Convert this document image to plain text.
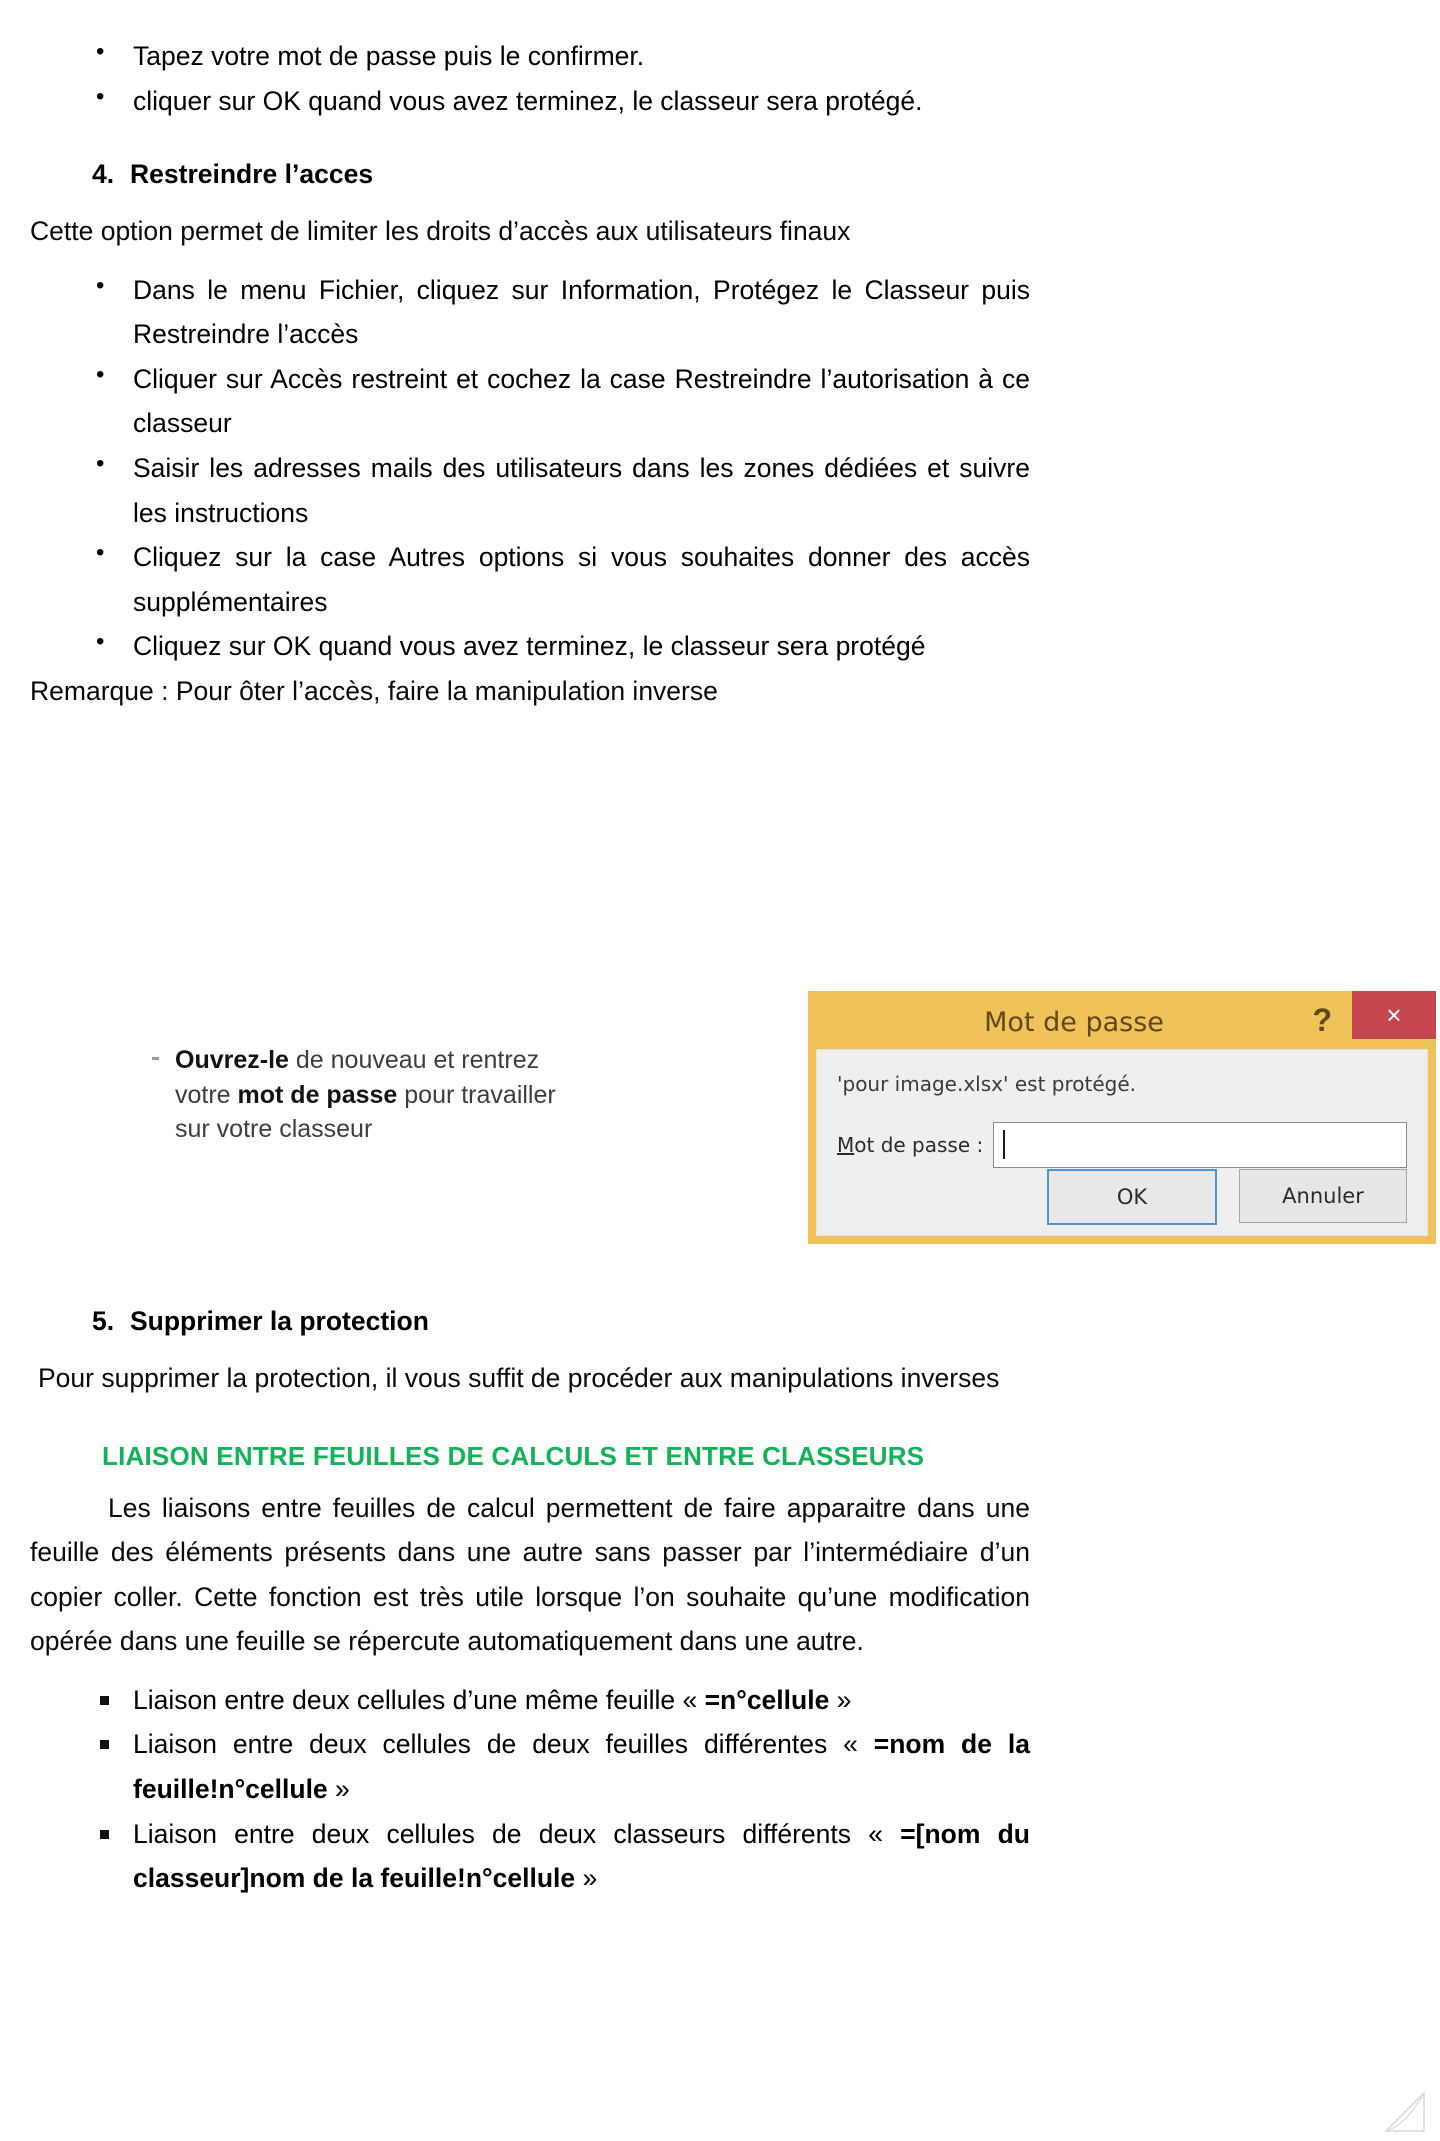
• Tapez votre mot de passe puis le confirmer.
• cliquer sur OK quand vous avez terminez, le classeur sera protégé.
4. Restreindre l’acces

Cette option permet de limiter les droits d’accès aux utilisateurs finaux

• Dans le menu Fichier, cliquez sur Information, Protégez le Classeur puis Restreindre l’accès
• Cliquer sur Accès restreint et cochez la case Restreindre l’autorisation à ce classeur
• Saisir les adresses mails des utilisateurs dans les zones dédiées et suivre les instructions
• Cliquez sur la case Autres options si vous souhaites donner des accès supplémentaires
• Cliquez sur OK quand vous avez terminez, le classeur sera protégé

Remarque : Pour ôter l’accès, faire la manipulation inverse

Ouvrez-le de nouveau et rentrez votre mot de passe pour travailler sur votre classeur
Mot de passe	?	×
'pour image.xlsx' est protégé.
Mot de passe :
OK	Annuler
5. Supprimer la protection

Pour supprimer la protection, il vous suffit de procéder aux manipulations inverses

LIAISON ENTRE FEUILLES DE CALCULS ET ENTRE CLASSEURS

Les liaisons entre feuilles de calcul permettent de faire apparaitre dans une feuille des éléments présents dans une autre sans passer par l’intermédiaire d’un copier coller. Cette fonction est très utile lorsque l’on souhaite qu’une modification opérée dans une feuille se répercute automatiquement dans une autre.

Liaison entre deux cellules d’une même feuille « =n°cellule »
Liaison entre deux cellules de deux feuilles différentes « =nom de la feuille!n°cellule »
Liaison entre deux cellules de deux classeurs différents « =[nom du classeur]nom de la feuille!n°cellule »
